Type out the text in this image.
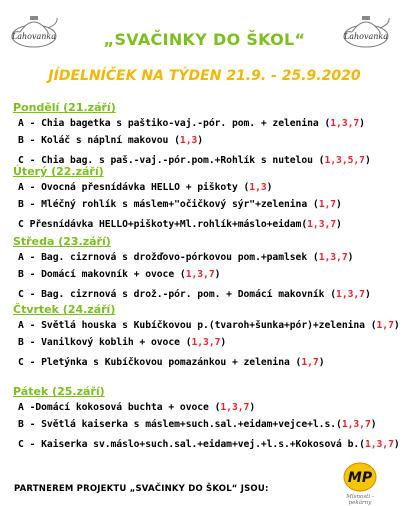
Lahovanka	Lahovanka
„SVAČINKY DO ŠKOL“
JÍDELNÍČEK NA TÝDEN 21.9. - 25.9.2020
Pondělí (21.září)
A - Chia bagetka s paštiko-vaj.-pór. pom. + zelenina (1,3,7)
B - Koláč s náplní makovou (1,3)
C - Chia bag. s paš.-vaj.-pór.pom.+Rohlík s nutelou (1,3,5,7)
Úterý (22.září)
A - Ovocná přesnídávka HELLO + piškoty (1,3)
B - Mléčný rohlík s máslem+"očičkový sýr"+zelenina (1,7)
C Přesnídávka HELLO+piškoty+Ml.rohlík+máslo+eidam(1,3,7)
Středa (23.září)
A - Bag. cizrnová s drožďovo-pórkovou pom.+pamlsek (1,3,7)
B - Domácí makovník + ovoce (1,3,7)
C - Bag. cizrnová s drož.-pór. pom. + Domácí makovník (1,3,7)
Čtvrtek (24.září)
A - Světlá houska s Kubíčkovou p.(tvaroh+šunka+pór)+zelenina (1,7)
B - Vanilkový koblih + ovoce (1,3,7)
C - Pletýnka s Kubíčkovou pomazánkou + zelenina (1,7)
Pátek (25.září)
A -Domácí kokosová buchta + ovoce (1,3,7)
B - Světlá kaiserka s máslem+such.sal.+eidam+vejce+l.s.(1,3,7)
C - Kaiserka sv.máslo+such.sal.+eidam+vej.+l.s.+Kokosová b.(1,3,7)
PARTNEREM PROJEKTU „SVAČINKY DO ŠKOL“ JSOU:
MP
Mlsnosti - pekárny
